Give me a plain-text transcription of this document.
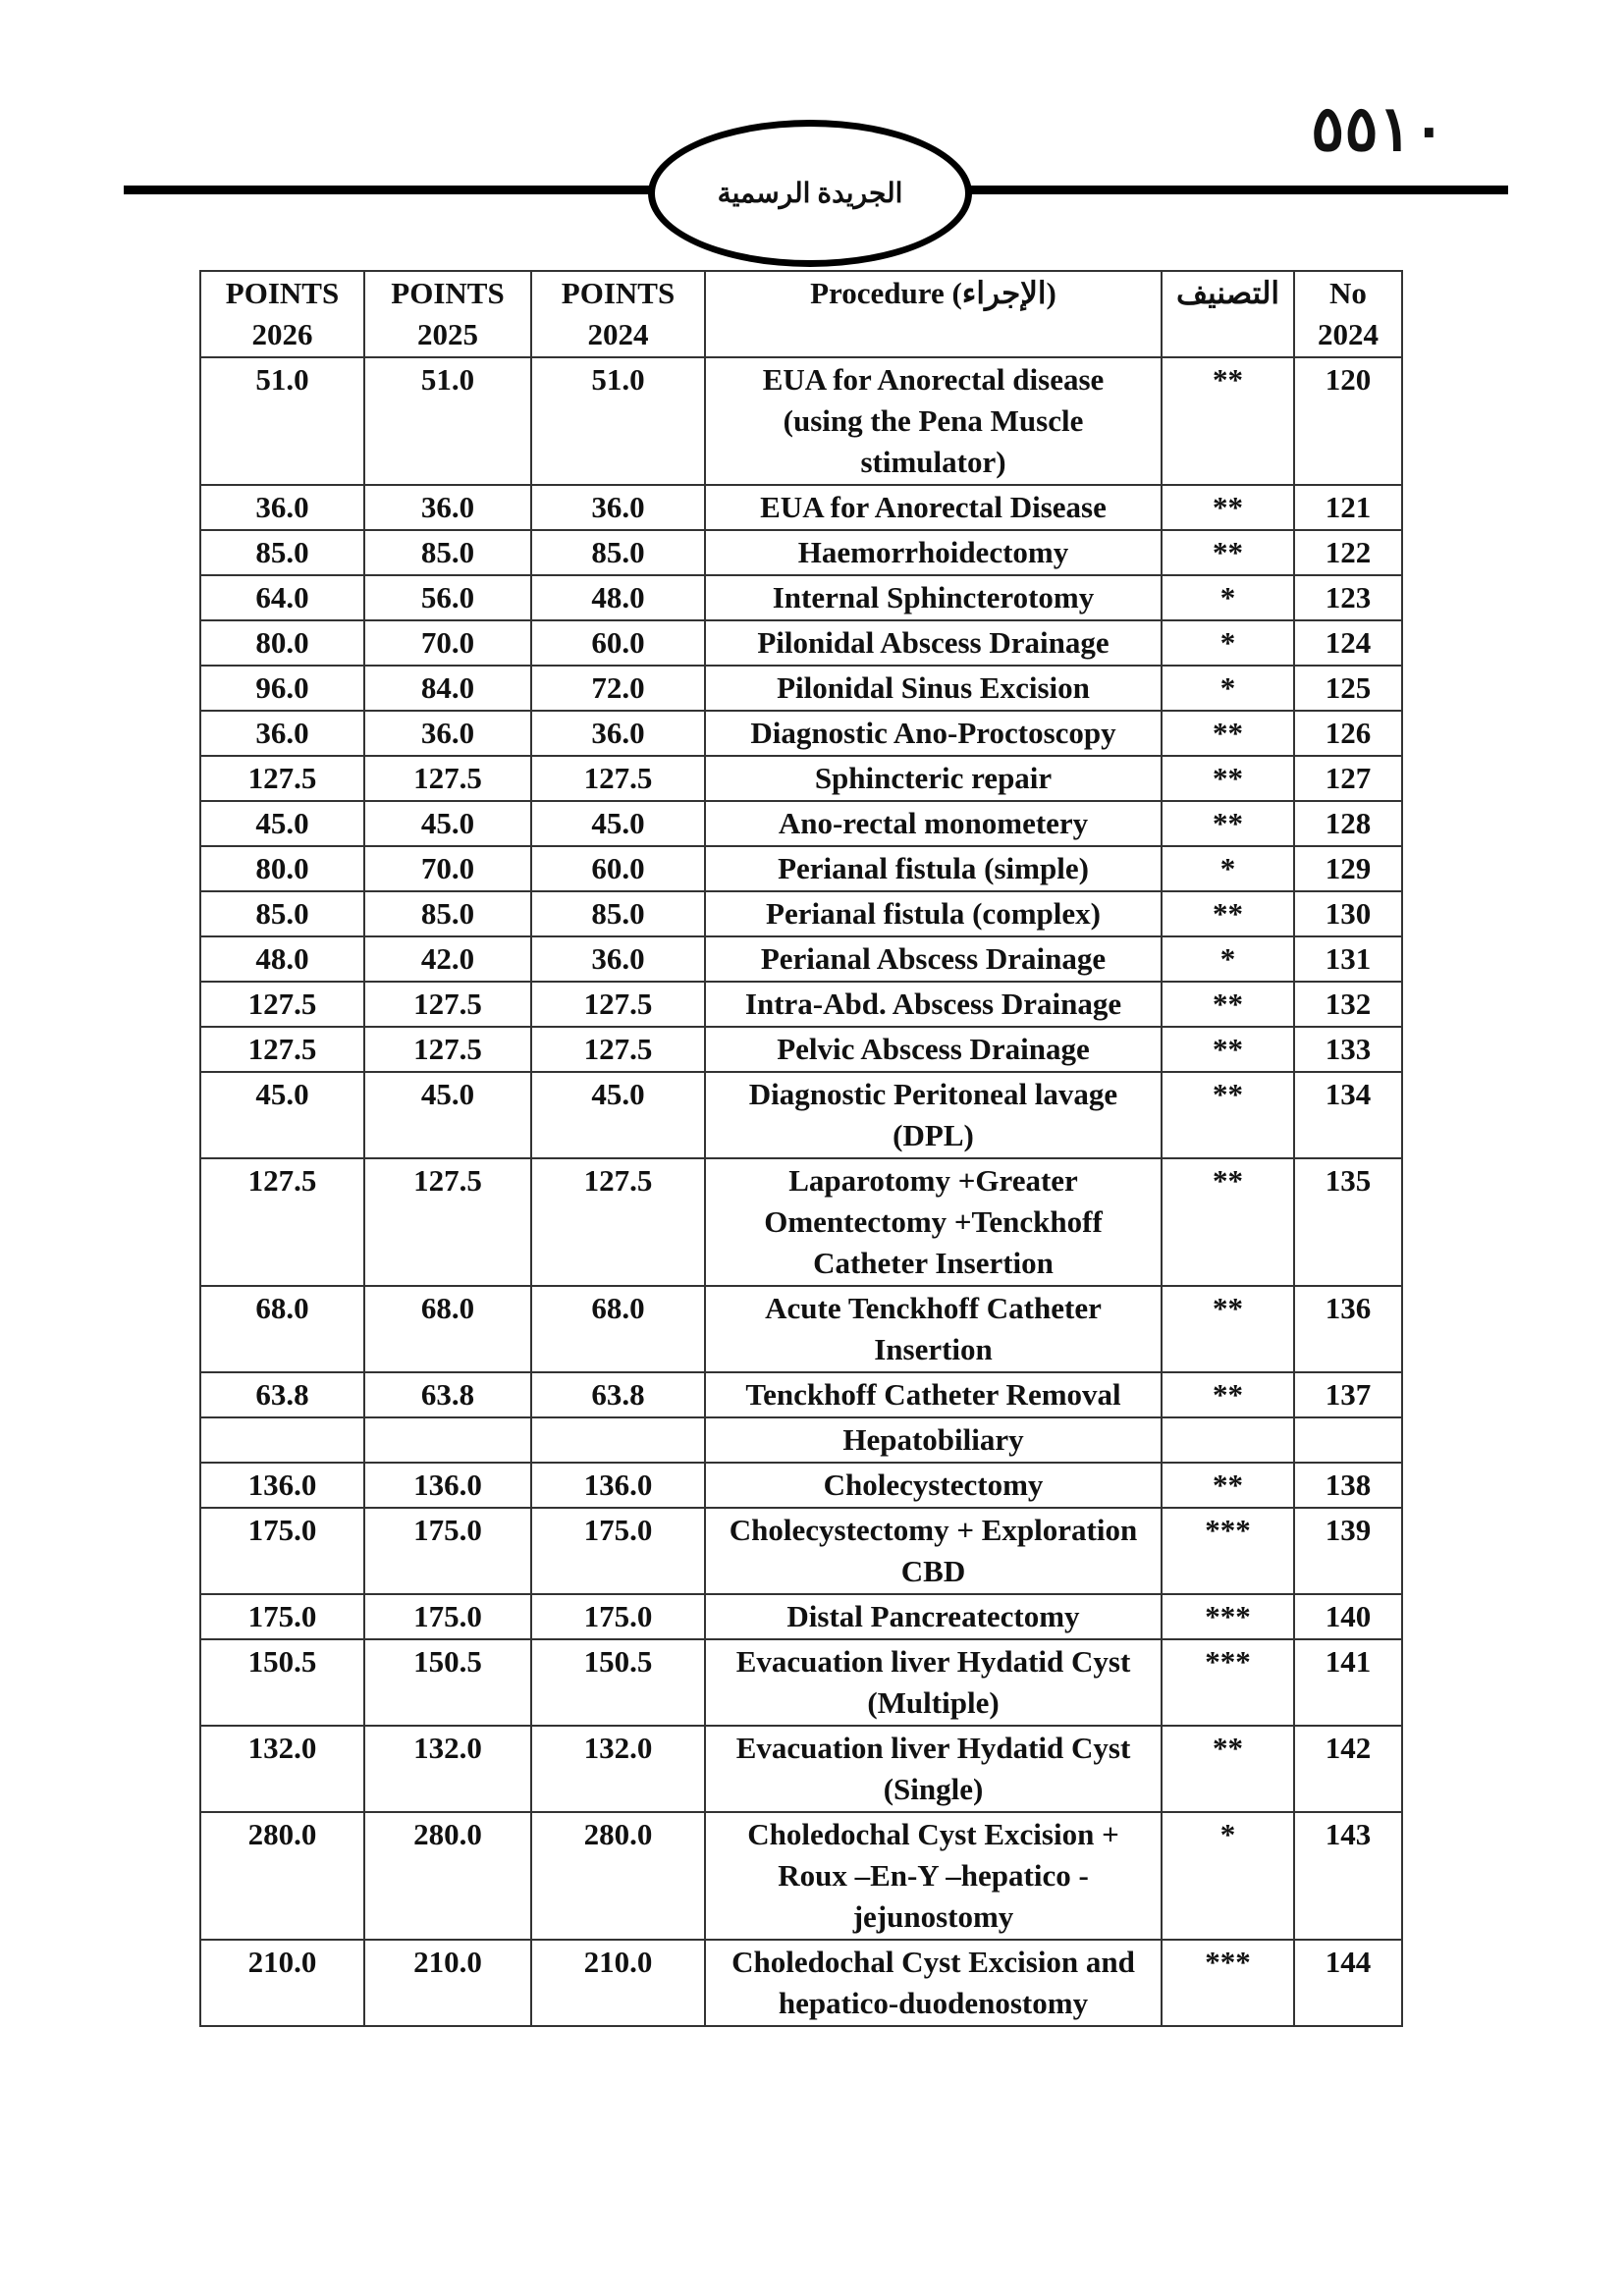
الجريدة الرسمية
٥٥١٠
POINTS 2026	POINTS 2025	POINTS 2024	Procedure (الإجراء)	التصنيف	No 2024
51.0	51.0	51.0	EUA for Anorectal disease (using the Pena Muscle stimulator)	**	120
36.0	36.0	36.0	EUA for Anorectal Disease	**	121
85.0	85.0	85.0	Haemorrhoidectomy	**	122
64.0	56.0	48.0	Internal Sphincterotomy	*	123
80.0	70.0	60.0	Pilonidal Abscess Drainage	*	124
96.0	84.0	72.0	Pilonidal Sinus Excision	*	125
36.0	36.0	36.0	Diagnostic Ano-Proctoscopy	**	126
127.5	127.5	127.5	Sphincteric repair	**	127
45.0	45.0	45.0	Ano-rectal monometery	**	128
80.0	70.0	60.0	Perianal fistula (simple)	*	129
85.0	85.0	85.0	Perianal fistula (complex)	**	130
48.0	42.0	36.0	Perianal Abscess Drainage	*	131
127.5	127.5	127.5	Intra-Abd. Abscess Drainage	**	132
127.5	127.5	127.5	Pelvic Abscess Drainage	**	133
45.0	45.0	45.0	Diagnostic Peritoneal lavage (DPL)	**	134
127.5	127.5	127.5	Laparotomy +Greater Omentectomy +Tenckhoff Catheter Insertion	**	135
68.0	68.0	68.0	Acute Tenckhoff Catheter Insertion	**	136
63.8	63.8	63.8	Tenckhoff Catheter Removal	**	137
			Hepatobiliary		
136.0	136.0	136.0	Cholecystectomy	**	138
175.0	175.0	175.0	Cholecystectomy + Exploration CBD	***	139
175.0	175.0	175.0	Distal Pancreatectomy	***	140
150.5	150.5	150.5	Evacuation liver Hydatid Cyst (Multiple)	***	141
132.0	132.0	132.0	Evacuation liver Hydatid Cyst (Single)	**	142
280.0	280.0	280.0	Choledochal Cyst Excision + Roux –En-Y –hepatico - jejunostomy	*	143
210.0	210.0	210.0	Choledochal Cyst Excision and hepatico-duodenostomy	***	144
